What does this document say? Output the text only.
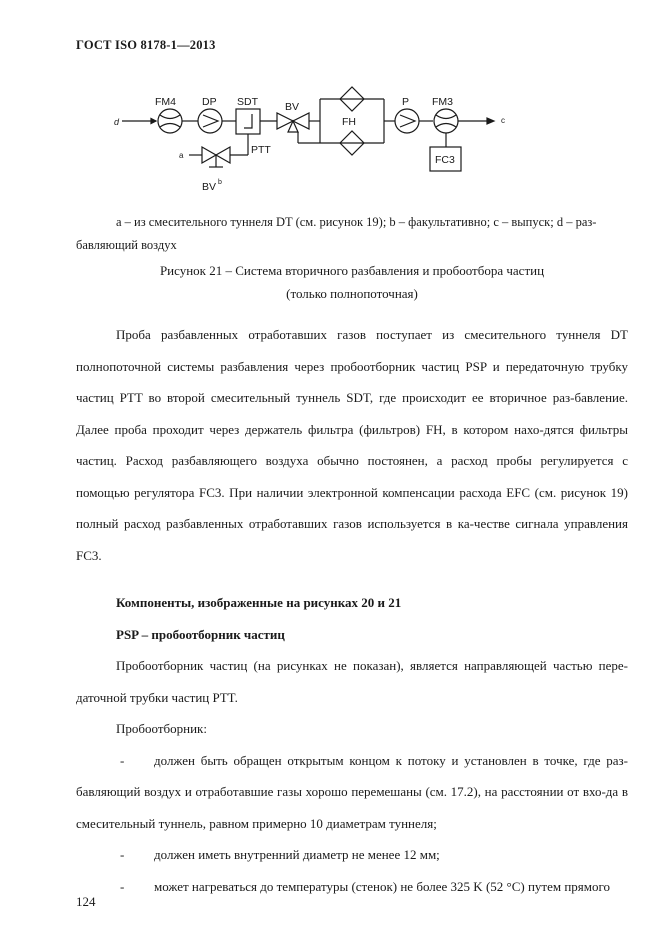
ГОСТ ISO 8178-1—2013
d
FM4 DP SDT	BV
FH
P FM3
FC3
PTT
a
BV b
c
a – из смесительного туннеля DT (см. рисунок 19); b – факультативно; c – выпуск; d – раз-
бавляющий воздух
Рисунок 21 – Система вторичного разбавления и пробоотбора частиц
(только полнопоточная)

Проба разбавленных отработавших газов поступает из смесительного туннеля DT полнопоточной системы разбавления через пробоотборник частиц PSP и передаточную трубку частиц PTT во второй смесительный туннель SDT, где происходит ее вторичное раз-бавление. Далее проба проходит через держатель фильтра (фильтров) FH, в котором нахо-дятся фильтры частиц. Расход разбавляющего воздуха обычно постоянен, а расход пробы регулируется с помощью регулятора FC3. При наличии электронной компенсации расхода EFC (см. рисунок 19) полный расход разбавленных отработавших газов используется в ка-честве сигнала управления FC3.

Компоненты, изображенные на рисунках 20 и 21

PSP – пробоотборник частиц

Пробоотборник частиц (на рисунках не показан), является направляющей частью пере-даточной трубки частиц PTT.

Пробоотборник:

-	должен быть обращен открытым концом к потоку и установлен в точке, где раз-бавляющий воздух и отработавшие газы хорошо перемешаны (см. 17.2), на расстоянии от вхо-да в смесительный туннель, равном примерно 10 диаметрам туннеля;

-	должен иметь внутренний диаметр не менее 12 мм;

-	может нагреваться до температуры (стенок) не более 325 K (52 °C) путем прямого

124
